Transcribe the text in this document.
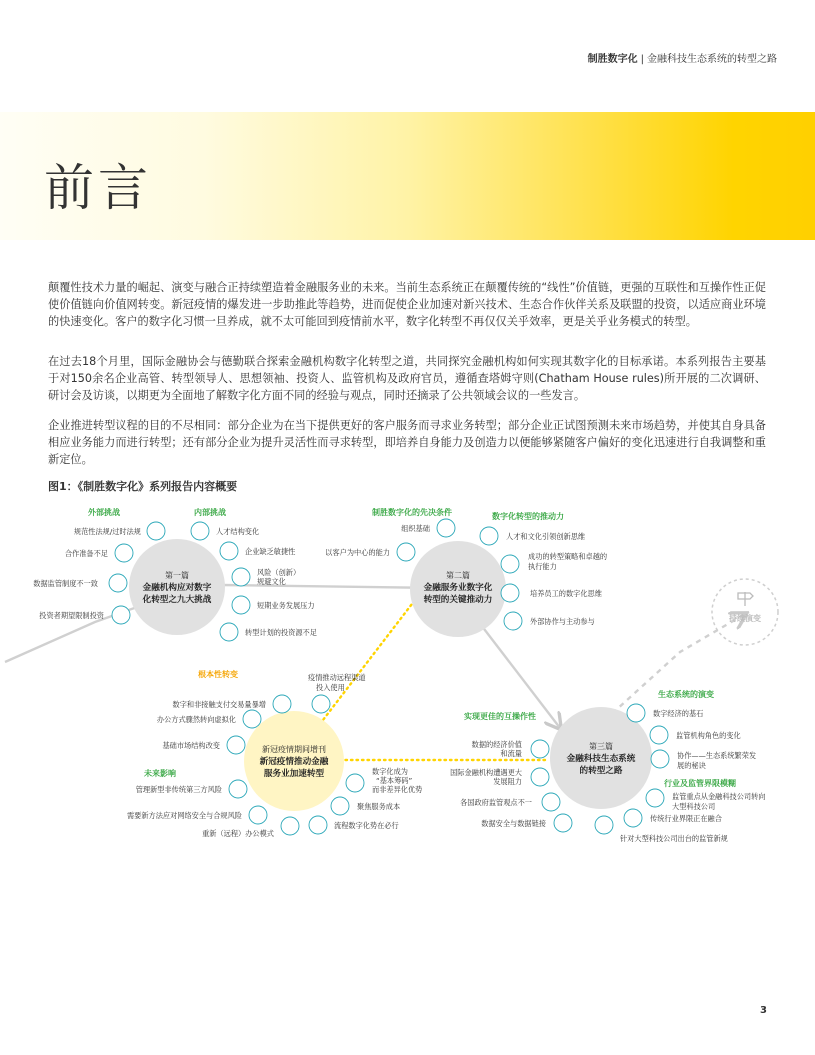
制胜数字化 | 金融科技生态系统的转型之路
前言

颠覆性技术力量的崛起、演变与融合正持续塑造着金融服务业的未来。当前生态系统正在颠覆传统的“线性”价值链，更强的互联性和互操作性正促使价值链向价值网转变。新冠疫情的爆发进一步助推此等趋势，进而促使企业加速对新兴技术、生态合作伙伴关系及联盟的投资，以适应商业环境的快速变化。客户的数字化习惯一旦养成，就不太可能回到疫情前水平，数字化转型不再仅仅关乎效率，更是关乎业务模式的转型。

在过去18个月里，国际金融协会与德勤联合探索金融机构数字化转型之道，共同探究金融机构如何实现其数字化的目标承诺。本系列报告主要基于对150余名企业高管、转型领导人、思想领袖、投资人、监管机构及政府官员，遵循查塔姆守则(Chatham House rules)所开展的二次调研、研讨会及访谈，以期更为全面地了解数字化方面不同的经验与观点，同时还摘录了公共领域会议的一些发言。

企业推进转型议程的目的不尽相同：部分企业为在当下提供更好的客户服务而寻求业务转型；部分企业正试图预测未来市场趋势，并使其自身具备相应业务能力而进行转型；还有部分企业为提升灵活性而寻求转型，即培养自身能力及创造力以便能够紧随客户偏好的变化迅速进行自我调整和重新定位。

图1：《制胜数字化》系列报告内容概要
持续演变
第一篇
金融机构应对数字
化转型之九大挑战
第二篇
金融服务业数字化
转型的关键推动力
第三篇
金融科技生态系统
的转型之路
新冠疫情期间增刊
新冠疫情推动金融
服务业加速转型
外部挑战
规范性法规/过时法规
合作准备不足
数据监管制度不一致
投资者期望限制投资
内部挑战
人才结构变化
企业缺乏敏捷性
风险（创新）
规避文化
短期业务发展压力
转型计划的投资源不足
制胜数字化的先决条件
组织基础
以客户为中心的能力
数字化转型的推动力
人才和文化引领创新思维
成功的转型策略和卓越的
执行能力
培养员工的数字化思维
外部协作与主动参与
根本性转变
数字和非接触支付交易量暴增
办公方式骤然转向虚拟化
基础市场结构改变
疫情推动远程渠道
投入使用
数字化成为
“基本筹码”
而非差异化优势
聚焦服务成本
流程数字化势在必行
未来影响
管理新型非传统第三方风险
需要新方法应对网络安全与合规风险
重新（远程）办公模式
实现更佳的互操作性
数据的经济价值
和流量
国际金融机构遭遇更大
发展阻力
各国政府监管观点不一
数据安全与数据链接
生态系统的演变
数字经济的基石
监管机构角色的变化
协作——生态系统繁荣发
展的秘诀
行业及监管界限模糊
监管重点从金融科技公司转向
大型科技公司
传统行业界限正在融合
针对大型科技公司出台的监管新规
3
